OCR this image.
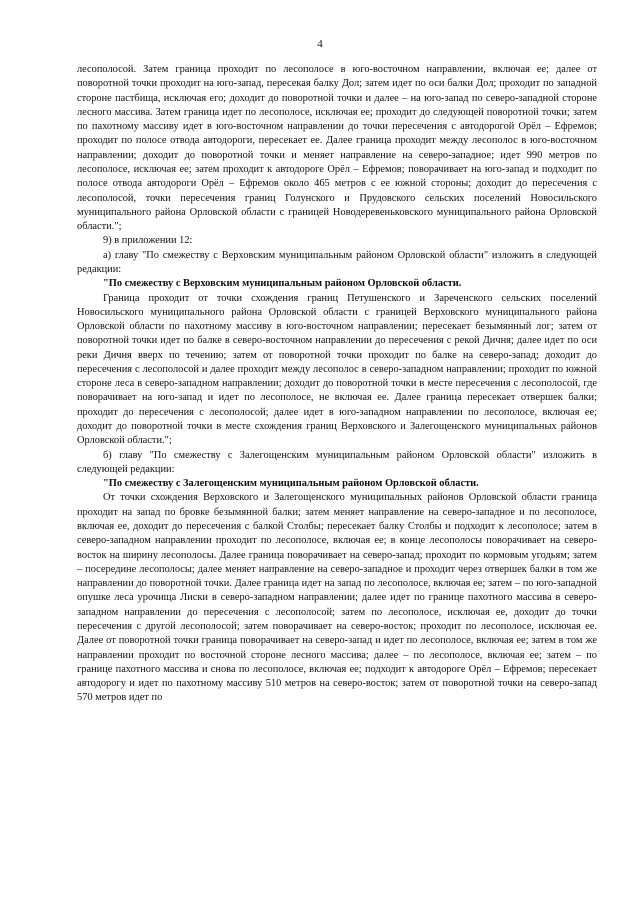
4

лесополосой. Затем граница проходит по лесополосе в юго-восточном направлении, включая ее; далее от поворотной точки проходит на юго-запад, пересекая балку Дол; затем идет по оси балки Дол; проходит по западной стороне пастбища, исключая его; доходит до поворотной точки и далее – на юго-запад по северо-западной стороне лесного массива. Затем граница идет по лесополосе, исключая ее; проходит до следующей поворотной точки; затем по пахотному массиву идет в юго-восточном направлении до точки пересечения с автодорогой Орёл – Ефремов; проходит по полосе отвода автодороги, пересекает ее. Далее граница проходит между лесополос в юго-восточном направлении; доходит до поворотной точки и меняет направление на северо-западное; идет 990 метров по лесополосе, исключая ее; затем проходит к автодороге Орёл – Ефремов; поворачивает на юго-запад и подходит по полосе отвода автодороги Орёл – Ефремов около 465 метров с ее южной стороны; доходит до пересечения с лесополосой, точки пересечения границ Голунского и Прудовского сельских поселений Новосильского муниципального района Орловской области с границей Новодеревеньковского муниципального района Орловской области.";

9) в приложении 12:

а) главу "По смежеству с Верховским муниципальным районом Орловской области" изложить в следующей редакции:

"По смежеству с Верховским муниципальным районом Орловской области.

Граница проходит от точки схождения границ Петушенского и Зареченского сельских поселений Новосильского муниципального района Орловской области с границей Верховского муниципального района Орловской области по пахотному массиву в юго-восточном направлении; пересекает безымянный лог; затем от поворотной точки идет по балке в северо-восточном направлении до пересечения с рекой Дичня; далее идет по оси реки Дичня вверх по течению; затем от поворотной точки проходит по балке на северо-запад; доходит до пересечения с лесополосой и далее проходит между лесополос в северо-западном направлении; проходит по южной стороне леса в северо-западном направлении; доходит до поворотной точки в месте пересечения с лесополосой, где поворачивает на юго-запад и идет по лесополосе, не включая ее. Далее граница пересекает отвершек балки; проходит до пересечения с лесополосой; далее идет в юго-западном направлении по лесополосе, включая ее; доходит до поворотной точки в месте схождения границ Верховского и Залегощенского муниципальных районов Орловской области.";

б) главу "По смежеству с Залегощенским муниципальным районом Орловской области" изложить в следующей редакции:

"По смежеству с Залегощенским муниципальным районом Орловской области.

От точки схождения Верховского и Залегощенского муниципальных районов Орловской области граница проходит на запад по бровке безымянной балки; затем меняет направление на северо-западное и по лесополосе, включая ее, доходит до пересечения с балкой Столбы; пересекает балку Столбы и подходит к лесополосе; затем в северо-западном направлении проходит по лесополосе, включая ее; в конце лесополосы поворачивает на северо-восток на ширину лесополосы. Далее граница поворачивает на северо-запад; проходит по кормовым угодьям; затем – посередине лесополосы; далее меняет направление на северо-западное и проходит через отвершек балки в том же направлении до поворотной точки. Далее граница идет на запад по лесополосе, включая ее; затем – по юго-западной опушке леса урочища Лиски в северо-западном направлении; далее идет по границе пахотного массива в северо-западном направлении до пересечения с лесополосой; затем по лесополосе, исключая ее, доходит до точки пересечения с другой лесополосой; затем поворачивает на северо-восток; проходит по лесополосе, исключая ее. Далее от поворотной точки граница поворачивает на северо-запад и идет по лесополосе, включая ее; затем в том же направлении проходит по восточной стороне лесного массива; далее – по лесополосе, включая ее; затем – по границе пахотного массива и снова по лесополосе, включая ее; подходит к автодороге Орёл – Ефремов; пересекает автодорогу и идет по пахотному массиву 510 метров на северо-восток; затем от поворотной точки на северо-запад 570 метров идет по
